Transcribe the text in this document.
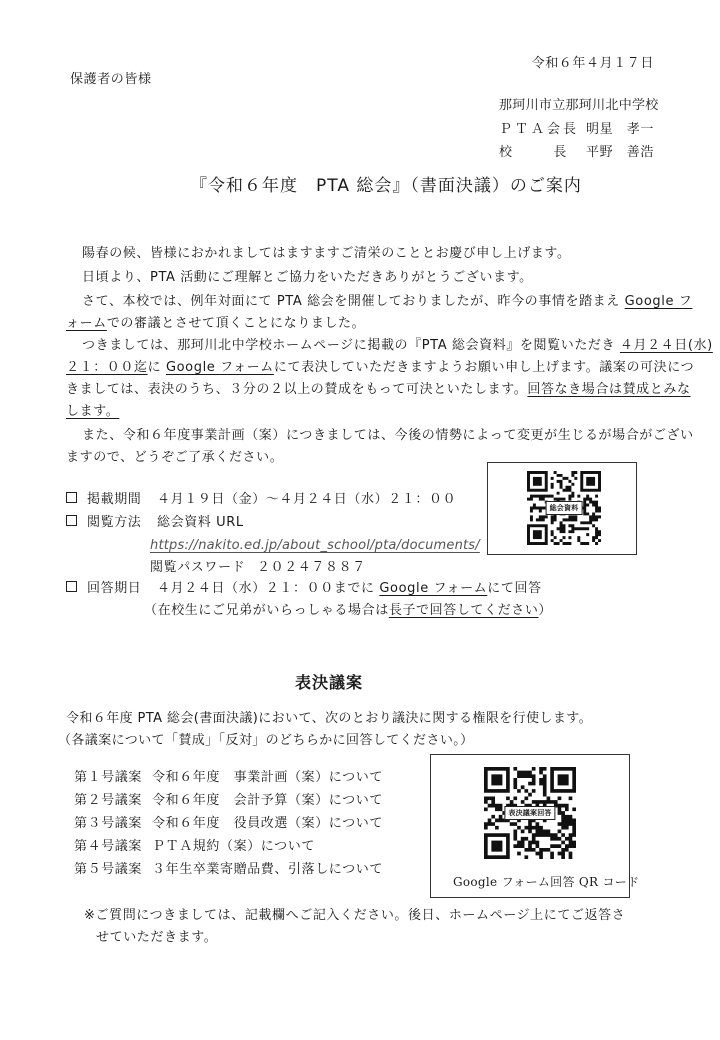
令和６年４月１７日
保護者の皆様
那珂川市立那珂川北中学校
ＰＴＡ会長 明星　孝一
校　　　長 平野　善浩
『令和６年度　PTA 総会』（書面決議）のご案内
陽春の候、皆様におかれましてはますますご清栄のこととお慶び申し上げます。
日頃より、PTA 活動にご理解とご協力をいただきありがとうございます。
さて、本校では、例年対面にて PTA 総会を開催しておりましたが、昨今の事情を踏まえ Google フ
ォームでの審議とさせて頂くことになりました。
つきましては、那珂川北中学校ホームページに掲載の『PTA 総会資料』を閲覧いただき ４月２４日(水)
２１：００迄に Google フォームにて表決していただきますようお願い申し上げます。議案の可決につ
きましては、表決のうち、３分の２以上の賛成をもって可決といたします。回答なき場合は賛成とみな
します。
また、令和６年度事業計画（案）につきましては、今後の情勢によって変更が生じるが場合がござい
ますので、どうぞご了承ください。
掲載期間 ４月１９日（金）～４月２４日（水）２１：００
閲覧方法 総会資料 URL
https://nakito.ed.jp/about_school/pta/documents/
閲覧パスワード ２０２４７８８７
回答期日 ４月２４日（水）２１：００までに Google フォームにて回答
（在校生にご兄弟がいらっしゃる場合は長子で回答してください）
総会資料
表決議案
令和６年度 PTA 総会(書面決議)において、次のとおり議決に関する権限を行使します。
（各議案について「賛成」「反対」のどちらかに回答してください。）
第１号議案 令和６年度　事業計画（案）について
第２号議案 令和６年度　会計予算（案）について
第３号議案 令和６年度　役員改選（案）について
第４号議案 ＰＴＡ規約（案）について
第５号議案 ３年生卒業寄贈品費、引落しについて
表決議案回答
Google フォーム回答 QR コード
※ご質問につきましては、記載欄へご記入ください。後日、ホームページ上にてご返答さ
せていただきます。
